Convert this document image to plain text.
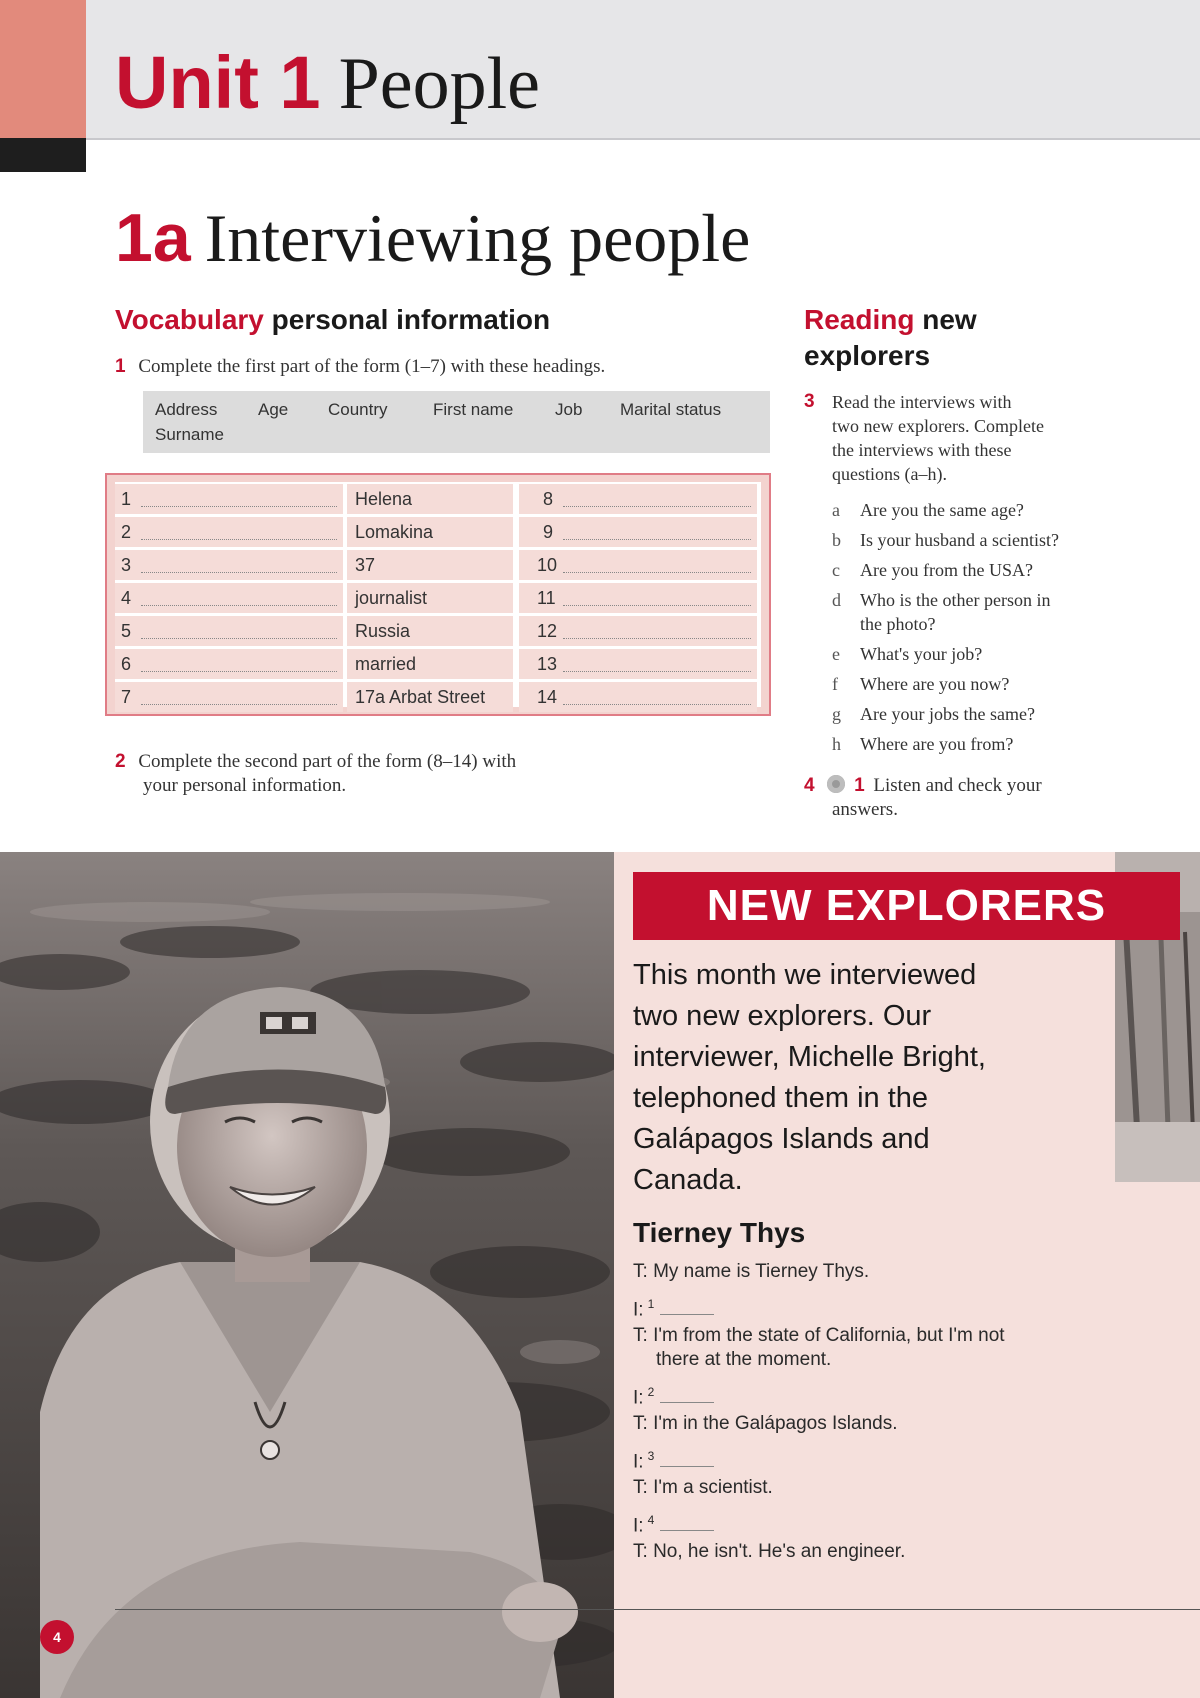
Unit 1 People
1a Interviewing people
Vocabulary personal information
1 Complete the first part of the form (1–7) with these headings.
Address Age Country	First name Job Marital status
Surname
1	Helena	8
2	Lomakina	9
3	37	10
4	journalist	11
5	Russia	12
6	married	13
7	17a Arbat Street	14
2 Complete the second part of the form (8–14) with
your personal information.
Reading new
explorers
3 Read the interviews with
two new explorers. Complete
the interviews with these
questions (a–h).
a Are you the same age?
b Is your husband a scientist?
c Are you from the USA?
d Who is the other person in
the photo?
e What's your job?
f Where are you now?
g Are your jobs the same?
h Where are you from?
4 1 Listen and check your
answers.
NEW EXPLORERS
This month we interviewed
two new explorers. Our
interviewer, Michelle Bright,
telephoned them in the
Galápagos Islands and
Canada.
Tierney Thys
T: My name is Tierney Thys.
I: $^1$
T: I'm from the state of California, but I'm not
there at the moment.
I: $^2$
T: I'm in the Galápagos Islands.
I: $^3$
T: I'm a scientist.
I: $^4$
T: No, he isn't. He's an engineer.
4
